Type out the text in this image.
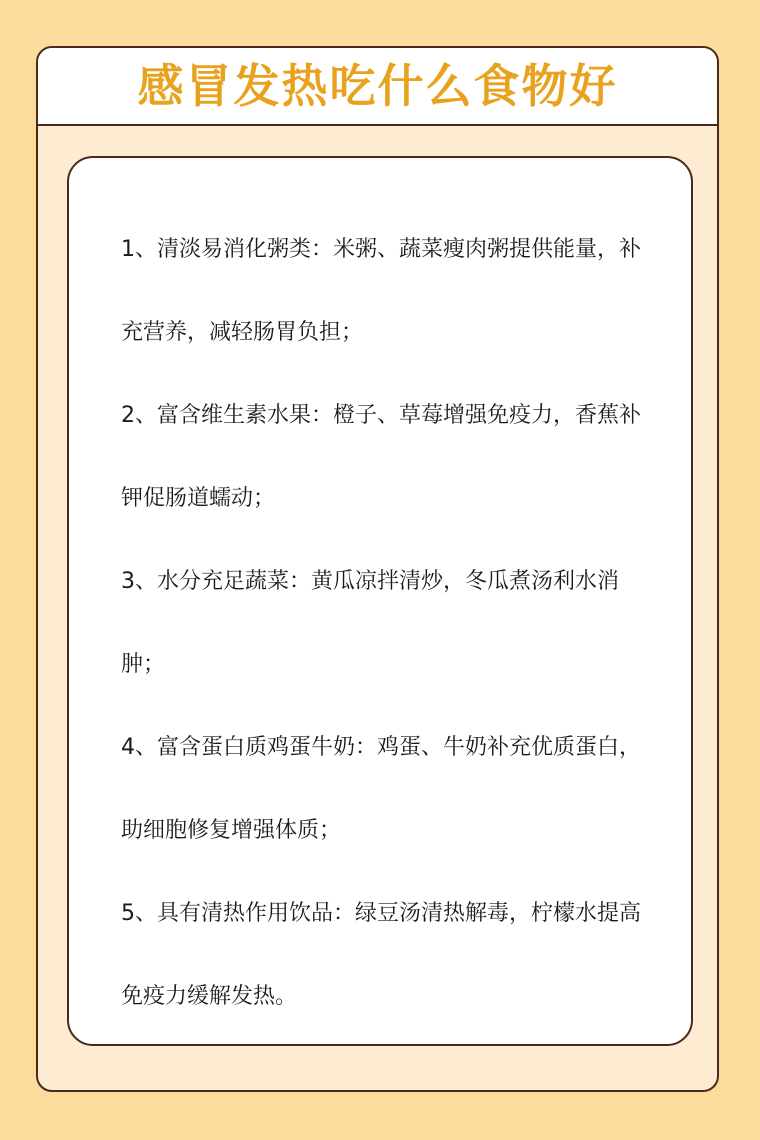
感冒发热吃什么食物好
1、清淡易消化粥类：米粥、蔬菜瘦肉粥提供能量，补充营养，减轻肠胃负担；
2、富含维生素水果：橙子、草莓增强免疫力，香蕉补钾促肠道蠕动；
3、水分充足蔬菜：黄瓜凉拌清炒，冬瓜煮汤利水消肿；
4、富含蛋白质鸡蛋牛奶：鸡蛋、牛奶补充优质蛋白，助细胞修复增强体质；
5、具有清热作用饮品：绿豆汤清热解毒，柠檬水提高免疫力缓解发热。
